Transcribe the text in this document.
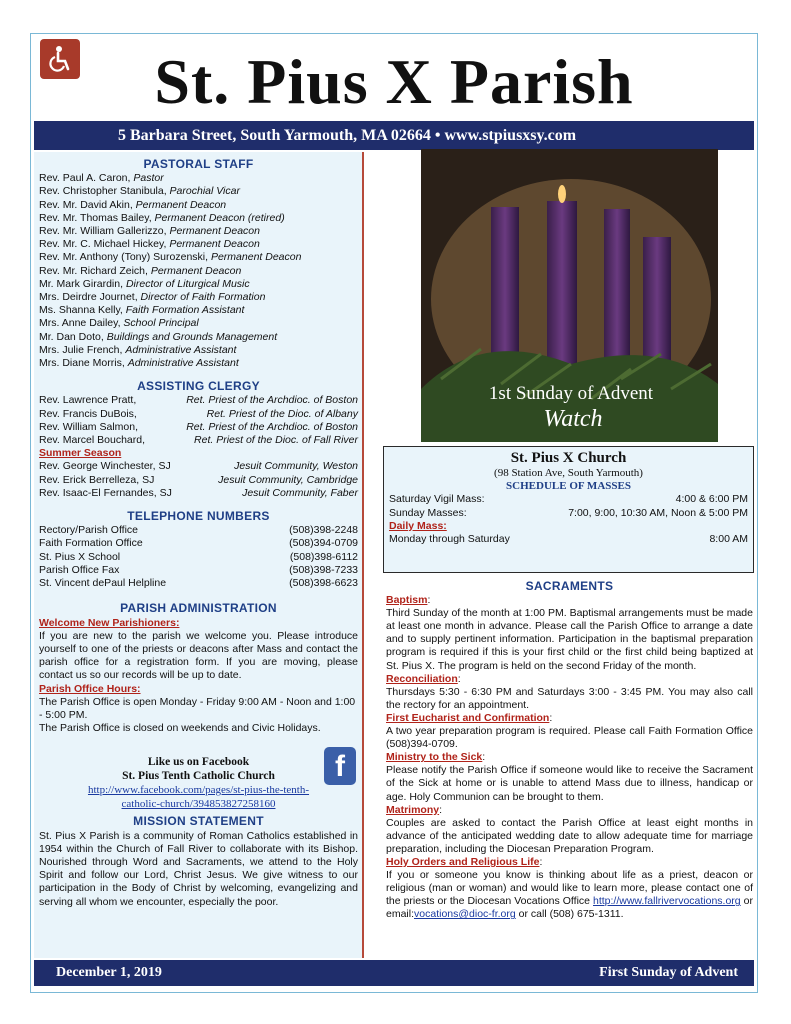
St. Pius X Parish
5 Barbara Street, South Yarmouth, MA 02664 • www.stpiusxsy.com
PASTORAL STAFF
Rev. Paul A. Caron, Pastor
Rev. Christopher Stanibula, Parochial Vicar
Rev. Mr. David Akin, Permanent Deacon
Rev. Mr. Thomas Bailey, Permanent Deacon (retired)
Rev. Mr. William Gallerizzo, Permanent Deacon
Rev. Mr. C. Michael Hickey, Permanent Deacon
Rev. Mr. Anthony (Tony) Surozenski, Permanent Deacon
Rev. Mr. Richard Zeich, Permanent Deacon
Mr. Mark Girardin, Director of Liturgical Music
Mrs. Deirdre Journet, Director of Faith Formation
Ms. Shanna Kelly, Faith Formation Assistant
Mrs. Anne Dailey, School Principal
Mr. Dan Doto, Buildings and Grounds Management
Mrs. Julie French, Administrative Assistant
Mrs. Diane Morris, Administrative Assistant
ASSISTING CLERGY
Rev. Lawrence Pratt,	Ret. Priest of the Archdioc. of Boston
Rev. Francis DuBois,	Ret. Priest of the Dioc. of Albany
Rev. William Salmon,	Ret. Priest of the Archdioc. of Boston
Rev. Marcel Bouchard,	Ret. Priest of the Dioc. of Fall River
Summer Season
Rev. George Winchester, SJ	Jesuit Community, Weston
Rev. Erick Berrelleza, SJ	Jesuit Community, Cambridge
Rev. Isaac-El Fernandes, SJ	Jesuit Community, Faber
TELEPHONE NUMBERS
Rectory/Parish Office	(508)398-2248
Faith Formation Office	(508)394-0709
St. Pius X School	(508)398-6112
Parish Office Fax	(508)398-7233
St. Vincent dePaul Helpline	(508)398-6623
PARISH ADMINISTRATION
Welcome New Parishioners:

If you are new to the parish we welcome you. Please introduce yourself to one of the priests or deacons after Mass and contact the parish office for a registration form. If you are moving, please contact us so our records will be up to date.

Parish Office Hours:

The Parish Office is open Monday - Friday 9:00 AM - Noon and 1:00 - 5:00 PM.

The Parish Office is closed on weekends and Civic Holidays.

f
Like us on Facebook
St. Pius Tenth Catholic Church
http://www.facebook.com/pages/st-pius-the-tenth-
catholic-church/394853827258160
MISSION STATEMENT

St. Pius X Parish is a community of Roman Catholics established in 1954 within the Church of Fall River to collaborate with its Bishop. Nourished through Word and Sacraments, we attend to the Holy Spirit and follow our Lord, Christ Jesus. We give witness to our participation in the Body of Christ by welcoming, evangelizing and serving all whom we encounter, especially the poor.

1st Sunday of Advent
Watch
St. Pius X Church
(98 Station Ave, South Yarmouth)
SCHEDULE OF MASSES
Saturday Vigil Mass:	4:00 & 6:00 PM
Sunday Masses:	7:00, 9:00, 10:30 AM, Noon & 5:00 PM
Daily Mass:
Monday through Saturday	8:00 AM
SACRAMENTS
Baptism:

Third Sunday of the month at 1:00 PM. Baptismal arrangements must be made at least one month in advance. Please call the Parish Office to arrange a date and to supply pertinent information. Participation in the baptismal preparation program is required if this is your first child or the first child being baptized at St. Pius X. The program is held on the second Friday of the month.

Reconciliation:

Thursdays 5:30 - 6:30 PM and Saturdays 3:00 - 3:45 PM. You may also call the rectory for an appointment.

First Eucharist and Confirmation:

A two year preparation program is required. Please call Faith Formation Office (508)394-0709.

Ministry to the Sick:

Please notify the Parish Office if someone would like to receive the Sacrament of the Sick at home or is unable to attend Mass due to illness, handicap or age. Holy Communion can be brought to them.

Matrimony:

Couples are asked to contact the Parish Office at least eight months in advance of the anticipated wedding date to allow adequate time for marriage preparation, including the Diocesan Preparation Program.

Holy Orders and Religious Life:

If you or someone you know is thinking about life as a priest, deacon or religious (man or woman) and would like to learn more, please contact one of the priests or the Diocesan Vocations Office http://www.fallrivervocations.org or email:vocations@dioc-fr.org or call (508) 675-1311.

December 1, 2019	First Sunday of Advent
